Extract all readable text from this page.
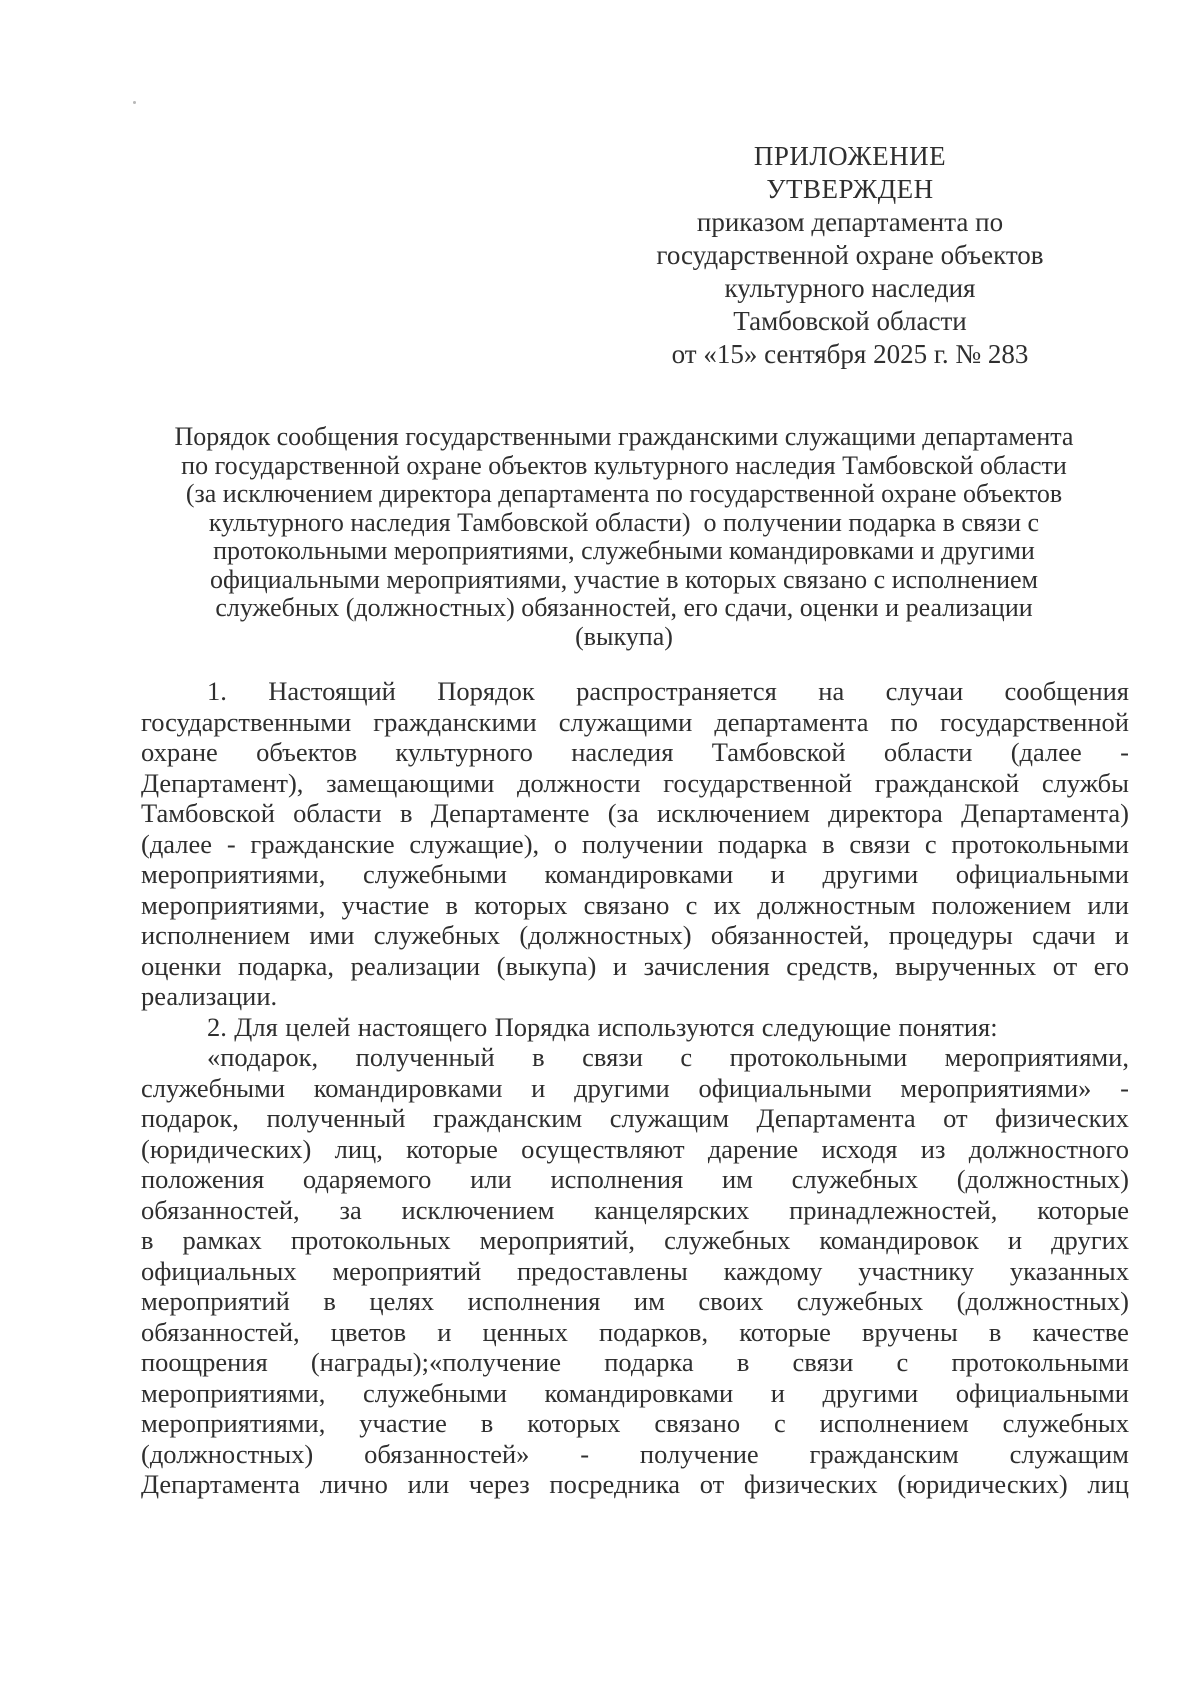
ПРИЛОЖЕНИЕ
УТВЕРЖДЕН
приказом департамента по
государственной охране объектов
культурного наследия
Тамбовской области
от «15» сентября 2025 г. № 283
Порядок сообщения государственными гражданскими служащими департамента
по государственной охране объектов культурного наследия Тамбовской области
(за исключением директора департамента по государственной охране объектов
культурного наследия Тамбовской области)  о получении подарка в связи с
протокольными мероприятиями, служебными командировками и другими
официальными мероприятиями, участие в которых связано с исполнением
служебных (должностных) обязанностей, его сдачи, оценки и реализации
(выкупа)
1. Настоящий Порядок распространяется на случаи сообщения
государственными гражданскими служащими департамента по государственной
охране объектов культурного наследия Тамбовской области (далее -
Департамент), замещающими должности государственной гражданской службы
Тамбовской области в Департаменте (за исключением директора Департамента)
(далее - гражданские служащие), о получении подарка в связи с протокольными
мероприятиями, служебными командировками и другими официальными
мероприятиями, участие в которых связано с их должностным положением или
исполнением ими служебных (должностных) обязанностей, процедуры сдачи и
оценки подарка, реализации (выкупа) и зачисления средств, вырученных от его
реализации.
2. Для целей настоящего Порядка используются следующие понятия:
«подарок, полученный в связи с протокольными мероприятиями,
служебными командировками и другими официальными мероприятиями» -
подарок, полученный гражданским служащим Департамента от физических
(юридических) лиц, которые осуществляют дарение исходя из должностного
положения одаряемого или исполнения им служебных (должностных)
обязанностей, за исключением канцелярских принадлежностей, которые
в рамках протокольных мероприятий, служебных командировок и других
официальных мероприятий предоставлены каждому участнику указанных
мероприятий в целях исполнения им своих служебных (должностных)
обязанностей, цветов и ценных подарков, которые вручены в качестве
поощрения (награды);«получение подарка в связи с протокольными
мероприятиями, служебными командировками и другими официальными
мероприятиями, участие в которых связано с исполнением служебных
(должностных) обязанностей» - получение гражданским служащим
Департамента лично или через посредника от физических (юридических) лиц
